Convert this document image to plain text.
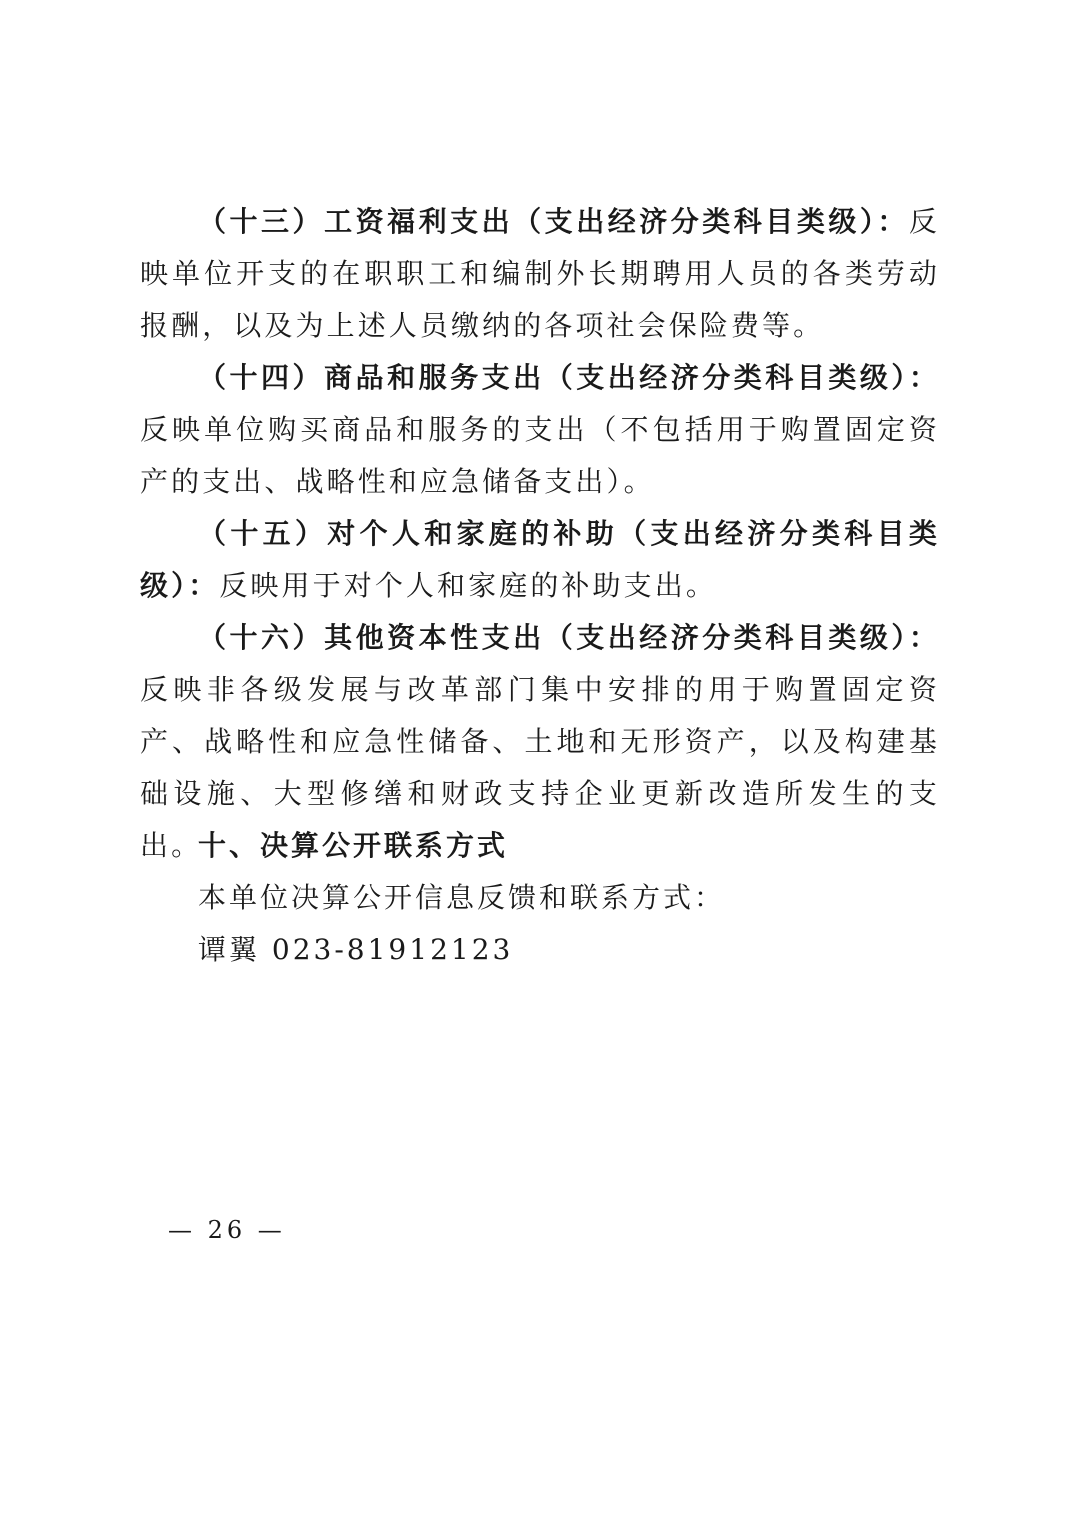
（十三）工资福利支出（支出经济分类科目类级）：反映单位开支的在职职工和编制外长期聘用人员的各类劳动报酬，以及为上述人员缴纳的各项社会保险费等。

（十四）商品和服务支出（支出经济分类科目类级）：反映单位购买商品和服务的支出（不包括用于购置固定资产的支出、战略性和应急储备支出）。

（十五）对个人和家庭的补助（支出经济分类科目类级）：反映用于对个人和家庭的补助支出。

（十六）其他资本性支出（支出经济分类科目类级）：反映非各级发展与改革部门集中安排的用于购置固定资产、战略性和应急性储备、土地和无形资产，以及构建基础设施、大型修缮和财政支持企业更新改造所发生的支出。

十、决算公开联系方式

本单位决算公开信息反馈和联系方式：

谭翼 023-81912123

— 26 —
